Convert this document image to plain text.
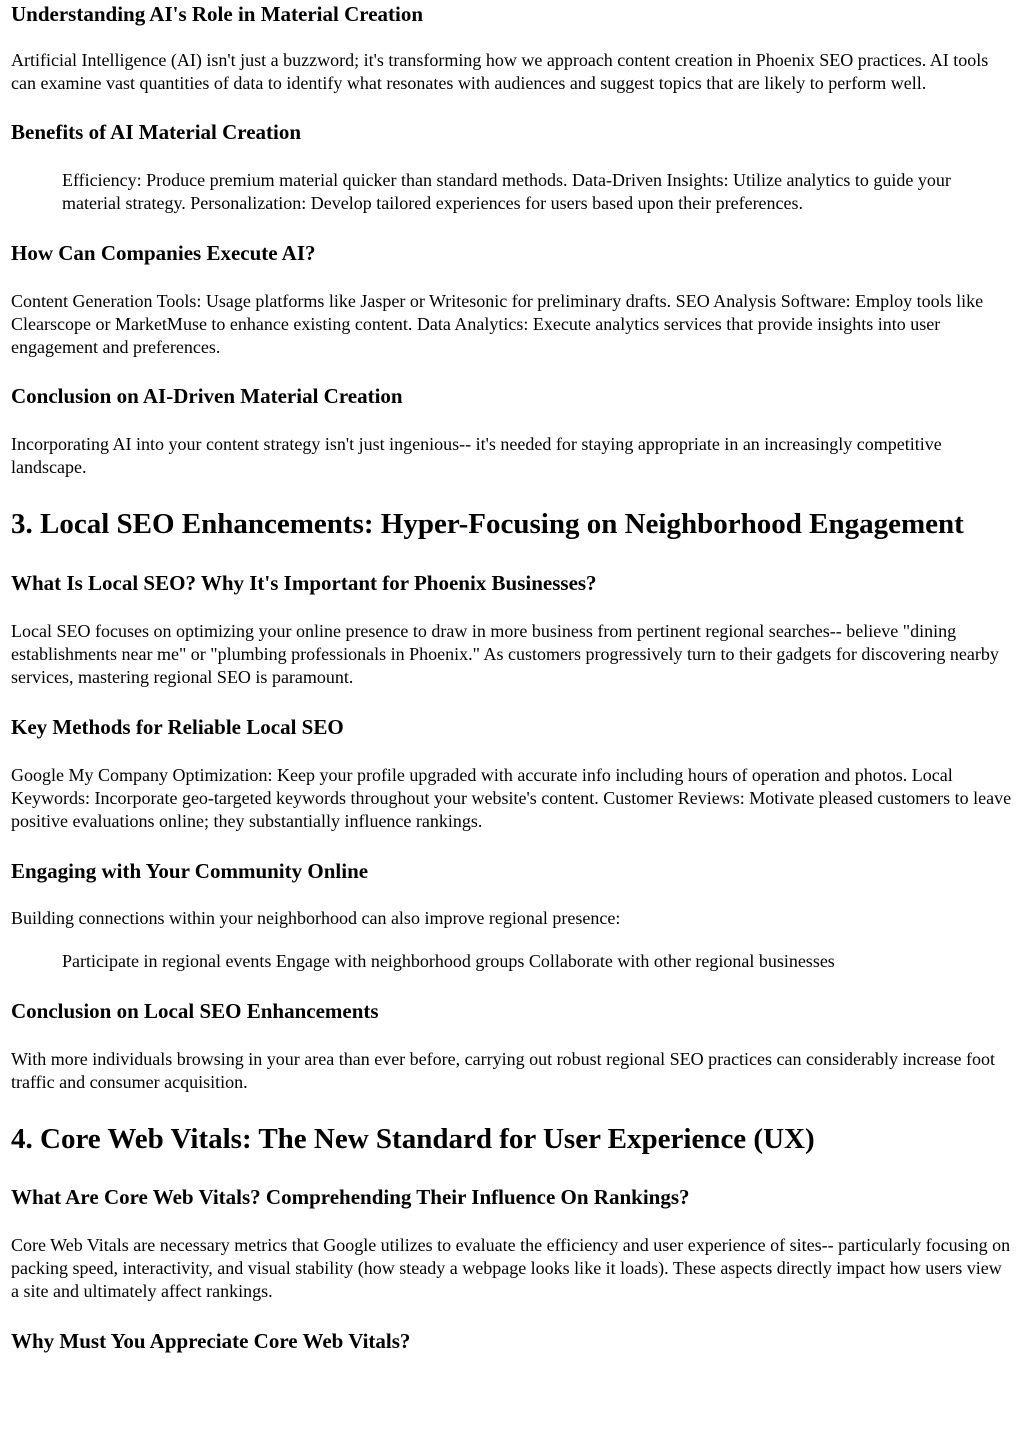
Understanding AI's Role in Material Creation

Artificial Intelligence (AI) isn't just a buzzword; it's transforming how we approach content creation in Phoenix SEO practices. AI tools can examine vast quantities of data to identify what resonates with audiences and suggest topics that are likely to perform well.

Benefits of AI Material Creation

Efficiency: Produce premium material quicker than standard methods. Data-Driven Insights: Utilize analytics to guide your material strategy. Personalization: Develop tailored experiences for users based upon their preferences.

How Can Companies Execute AI?

Content Generation Tools: Usage platforms like Jasper or Writesonic for preliminary drafts. SEO Analysis Software: Employ tools like Clearscope or MarketMuse to enhance existing content. Data Analytics: Execute analytics services that provide insights into user engagement and preferences.

Conclusion on AI-Driven Material Creation

Incorporating AI into your content strategy isn't just ingenious-- it's needed for staying appropriate in an increasingly competitive landscape.

3. Local SEO Enhancements: Hyper-Focusing on Neighborhood Engagement
What Is Local SEO? Why It's Important for Phoenix Businesses?

Local SEO focuses on optimizing your online presence to draw in more business from pertinent regional searches-- believe "dining establishments near me" or "plumbing professionals in Phoenix." As customers progressively turn to their gadgets for discovering nearby services, mastering regional SEO is paramount.

Key Methods for Reliable Local SEO

Google My Company Optimization: Keep your profile upgraded with accurate info including hours of operation and photos. Local Keywords: Incorporate geo-targeted keywords throughout your website's content. Customer Reviews: Motivate pleased customers to leave positive evaluations online; they substantially influence rankings.

Engaging with Your Community Online

Building connections within your neighborhood can also improve regional presence:

Participate in regional events Engage with neighborhood groups Collaborate with other regional businesses

Conclusion on Local SEO Enhancements

With more individuals browsing in your area than ever before, carrying out robust regional SEO practices can considerably increase foot traffic and consumer acquisition.

4. Core Web Vitals: The New Standard for User Experience (UX)
What Are Core Web Vitals? Comprehending Their Influence On Rankings?

Core Web Vitals are necessary metrics that Google utilizes to evaluate the efficiency and user experience of sites-- particularly focusing on packing speed, interactivity, and visual stability (how steady a webpage looks like it loads). These aspects directly impact how users view a site and ultimately affect rankings.

Why Must You Appreciate Core Web Vitals?
